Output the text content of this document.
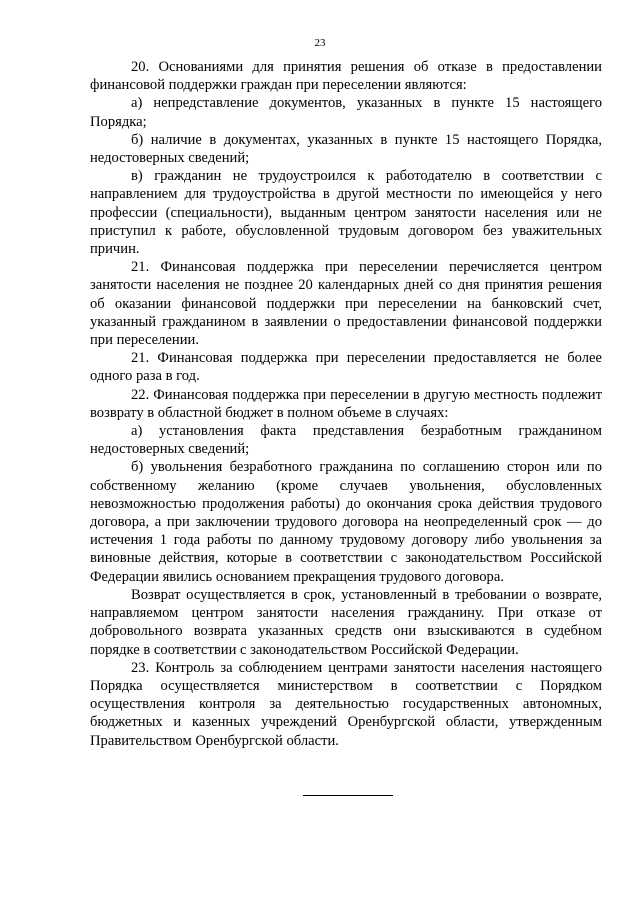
23

20. Основаниями для принятия решения об отказе в предоставлении финансовой поддержки граждан при переселении являются:

а) непредставление документов, указанных в пункте 15 настоящего Порядка;

б) наличие в документах, указанных в пункте 15 настоящего Порядка, недостоверных сведений;

в) гражданин не трудоустроился к работодателю в соответствии с направлением для трудоустройства в другой местности по имеющейся у него профессии (специальности), выданным центром занятости населения или не приступил к работе, обусловленной трудовым договором без уважительных причин.

21. Финансовая поддержка при переселении перечисляется центром занятости населения не позднее 20 календарных дней со дня принятия решения об оказании финансовой поддержки при переселении на банковский счет, указанный гражданином в заявлении о предоставлении финансовой поддержки при переселении.

21. Финансовая поддержка при переселении предоставляется не более одного раза в год.

22. Финансовая поддержка при переселении в другую местность подлежит возврату в областной бюджет в полном объеме в случаях:

а) установления факта представления безработным гражданином недостоверных сведений;

б) увольнения безработного гражданина по соглашению сторон или по собственному желанию (кроме случаев увольнения, обусловленных невозможностью продолжения работы) до окончания срока действия трудового договора, а при заключении трудового договора на неопределенный срок — до истечения 1 года работы по данному трудовому договору либо увольнения за виновные действия, которые в соответствии с законодательством Российской Федерации явились основанием прекращения трудового договора.

Возврат осуществляется в срок, установленный в требовании о возврате, направляемом центром занятости населения гражданину. При отказе от добровольного возврата указанных средств они взыскиваются в судебном порядке в соответствии с законодательством Российской Федерации.

23. Контроль за соблюдением центрами занятости населения настоящего Порядка осуществляется министерством в соответствии с Порядком осуществления контроля за деятельностью государственных автономных, бюджетных и казенных учреждений Оренбургской области, утвержденным Правительством Оренбургской области.
